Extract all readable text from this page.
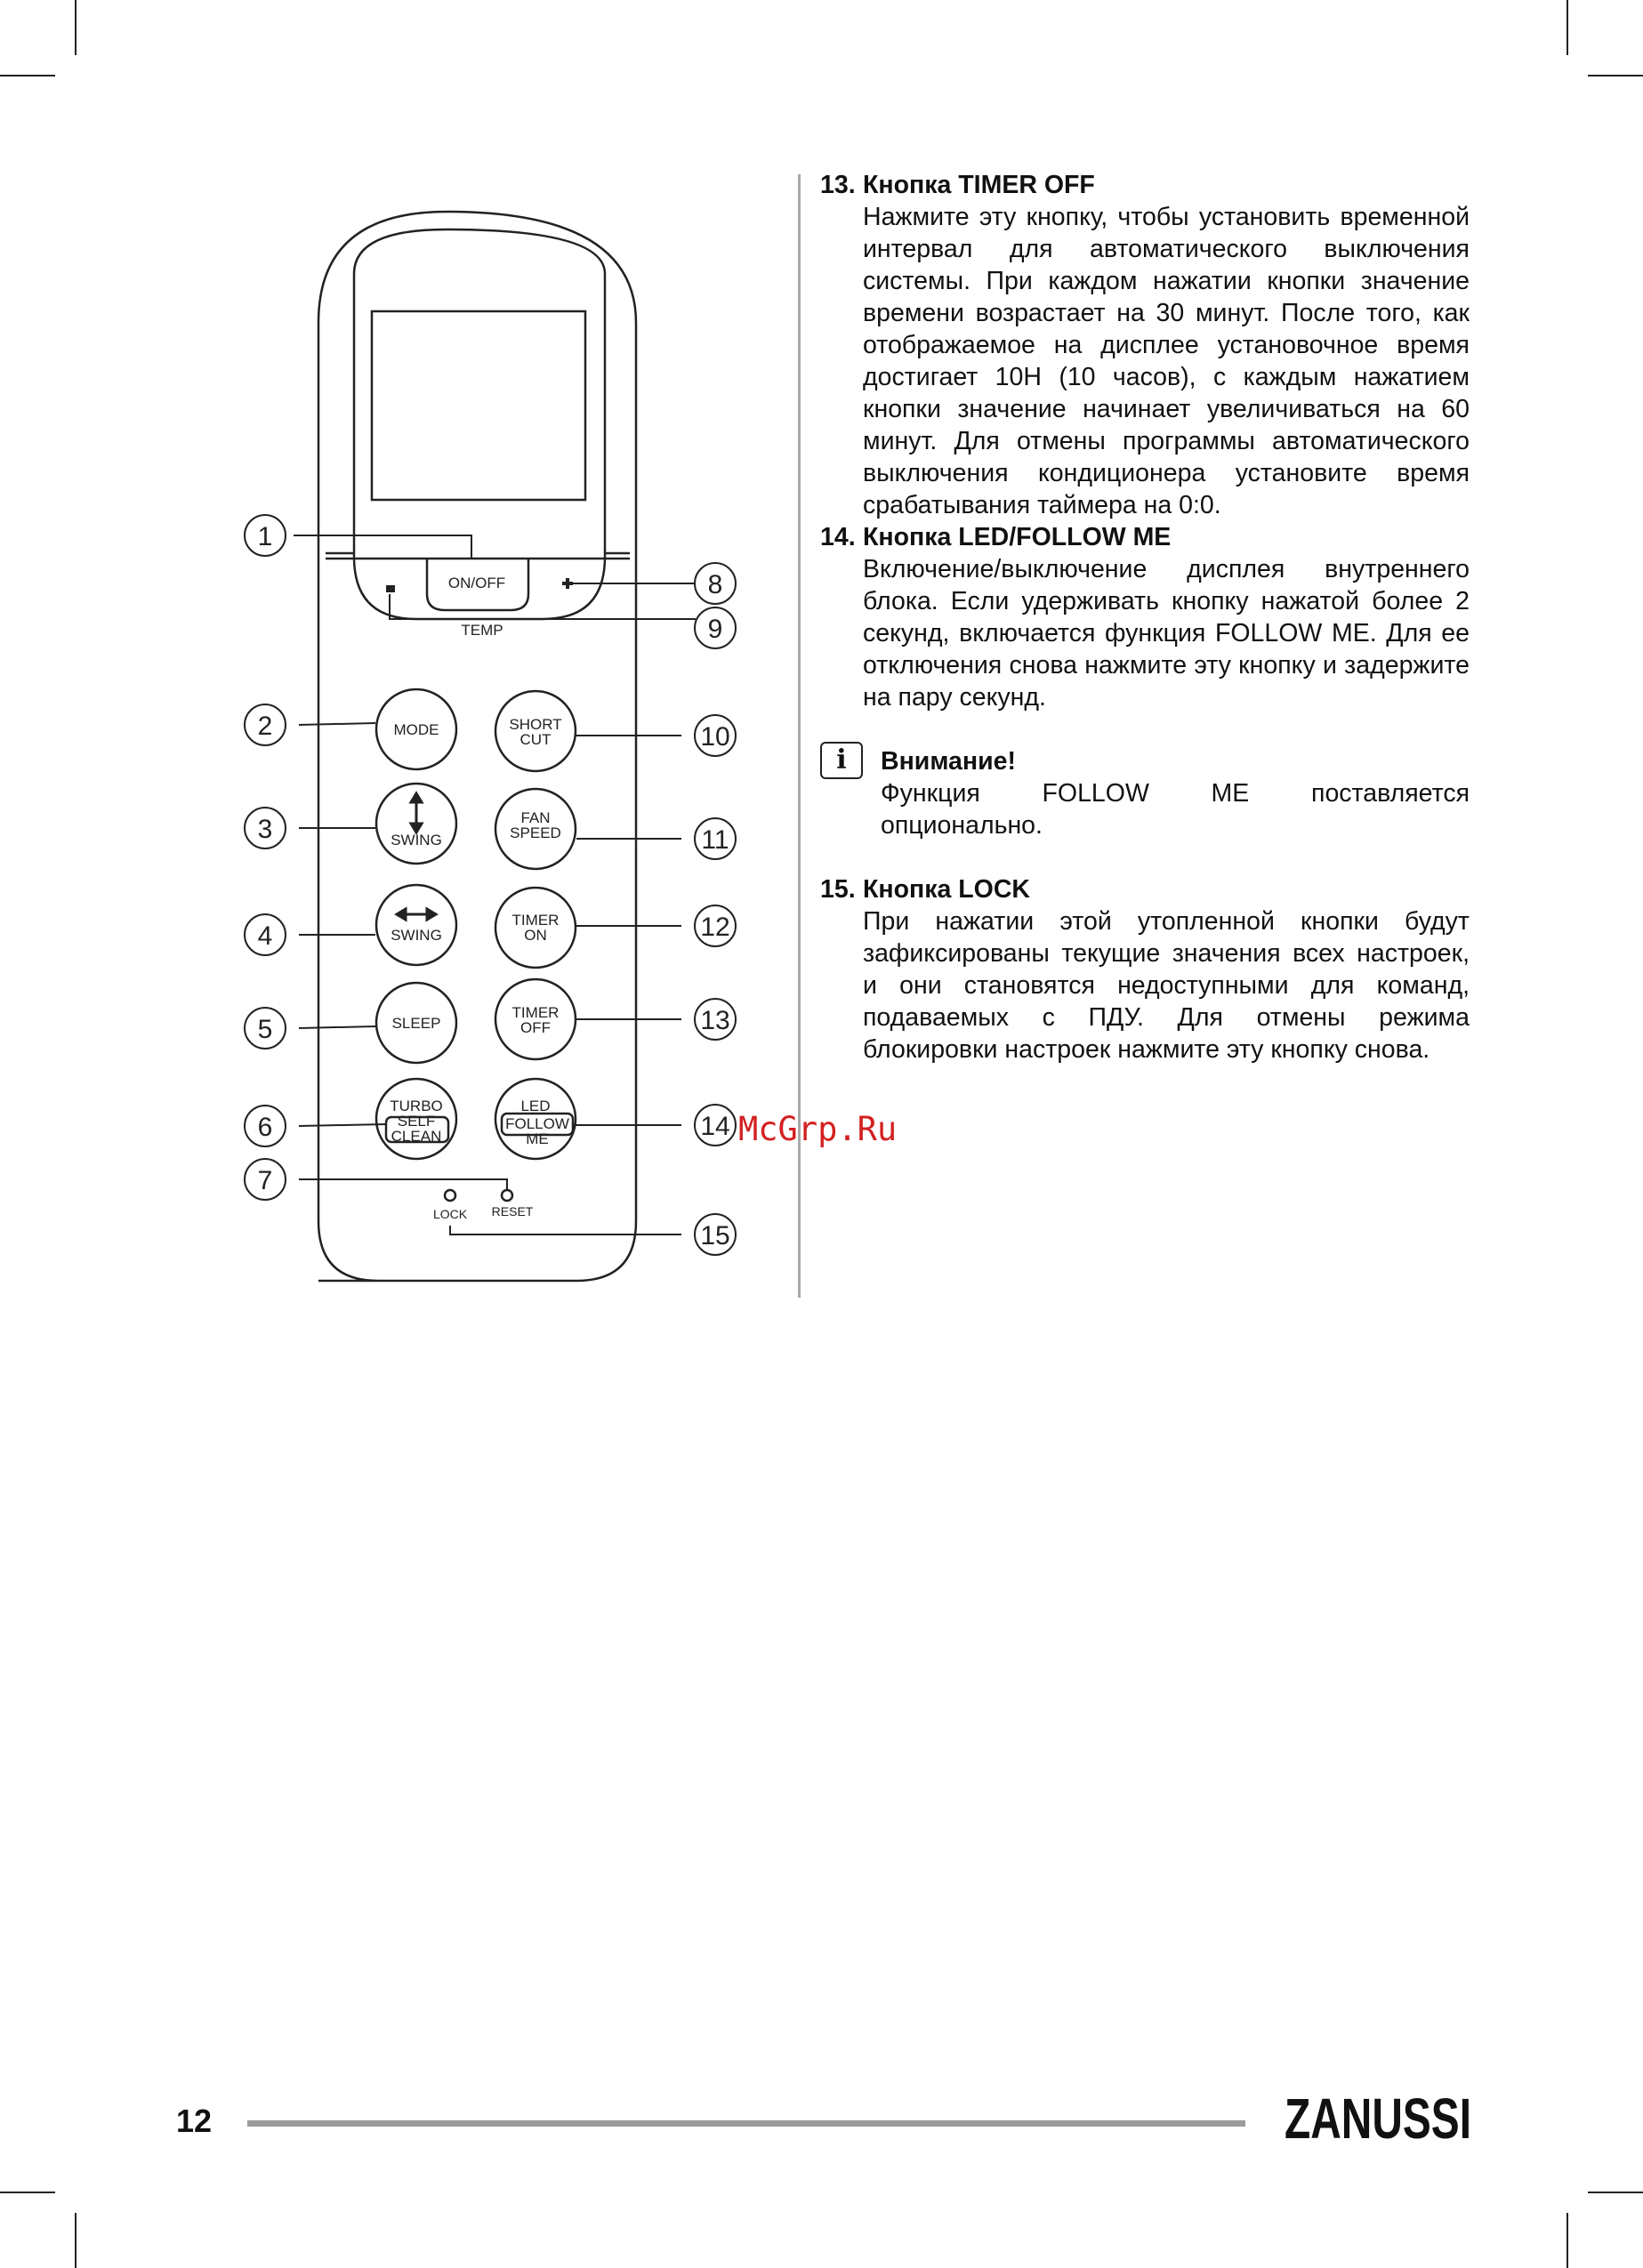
1
2
3
4
5
6
7
8
9
10
11
12
13
14
15
ON/OFF
TEMP
MODE	SHORT
CUT
SWING
FAN
SPEED
SWING
TIMER
ON
SLEEP
TIMER
OFF
TURBO
SELF
CLEAN
LED
FOLLOW
ME
LOCK RESET
13. Кнопка TIMER OFF
Нажмите эту кнопку, чтобы установить временной интервал для автоматического выключения системы. При каждом нажатии кнопки значение времени возрастает на 30 минут. После того, как отображаемое на дисплее установочное время достигает 10H (10 часов), с каждым нажатием кнопки значение начинает увеличиваться на 60 минут. Для отмены программы автоматического выключения кондиционера установите время срабатывания таймера на 0:0.
14. Кнопка LED/FOLLOW ME
Включение/выключение дисплея внутреннего блока. Если удерживать кнопку нажатой более 2 секунд, включается функция FOLLOW ME. Для ее отключения снова нажмите эту кнопку и задержите на пару секунд.
i	Внимание!
Функция FOLLOW ME поставляется опционально.
15. Кнопка LOCK
При нажатии этой утопленной кнопки будут зафиксированы текущие значения всех настроек, и они становятся недоступными для команд, подаваемых с ПДУ. Для отмены режима блокировки настроек нажмите эту кнопку снова.
McGrp.Ru
12	ZANUSSI
